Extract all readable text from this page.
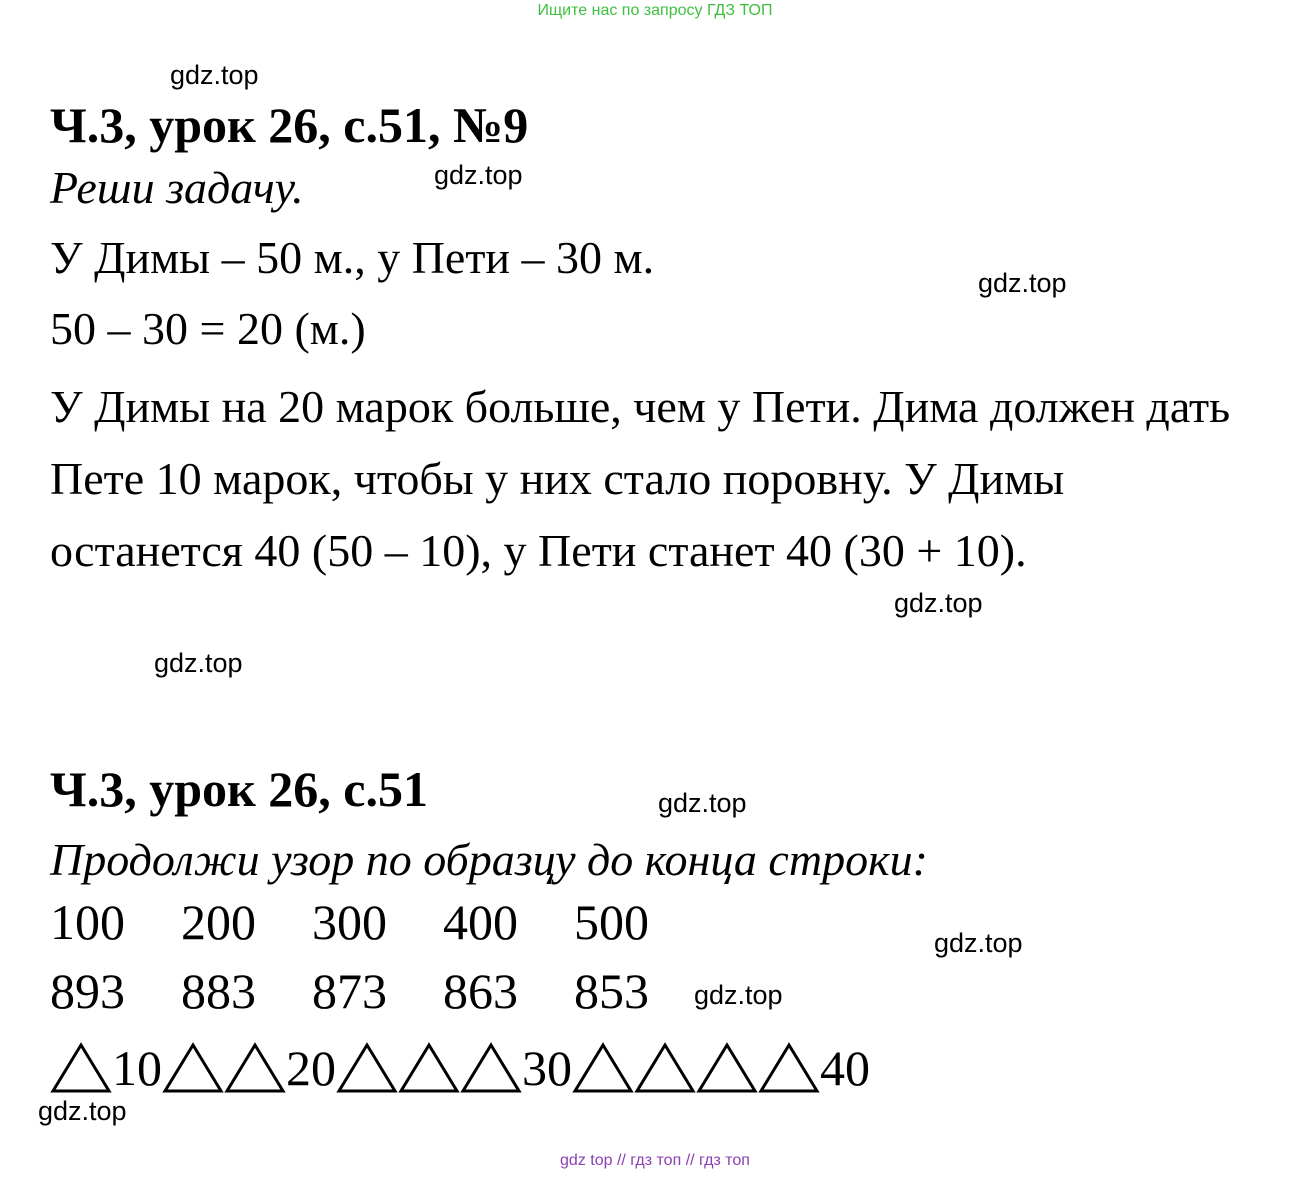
Ищите нас по запросу ГДЗ ТОП
Ч.3, урок 26, с.51, №9
Реши задачу.
У Димы – 50 м., у Пети – 30 м.
50 – 30 = 20 (м.)

У Димы на 20 марок больше, чем у Пети. Дима должен дать Пете 10 марок, чтобы у них стало поровну. У Димы останется 40 (50 – 10), у Пети станет 40 (30 + 10).

Ч.3, урок 26, с.51
Продолжи узор по образцу до конца строки:
100	200	300	400	500
893	883	873	863	853
10 20	30	40
gdz.top
gdz.top
gdz.top
gdz.top
gdz.top
gdz.top
gdz.top
gdz.top
gdz.top
gdz top // гдз топ // гдз топ
